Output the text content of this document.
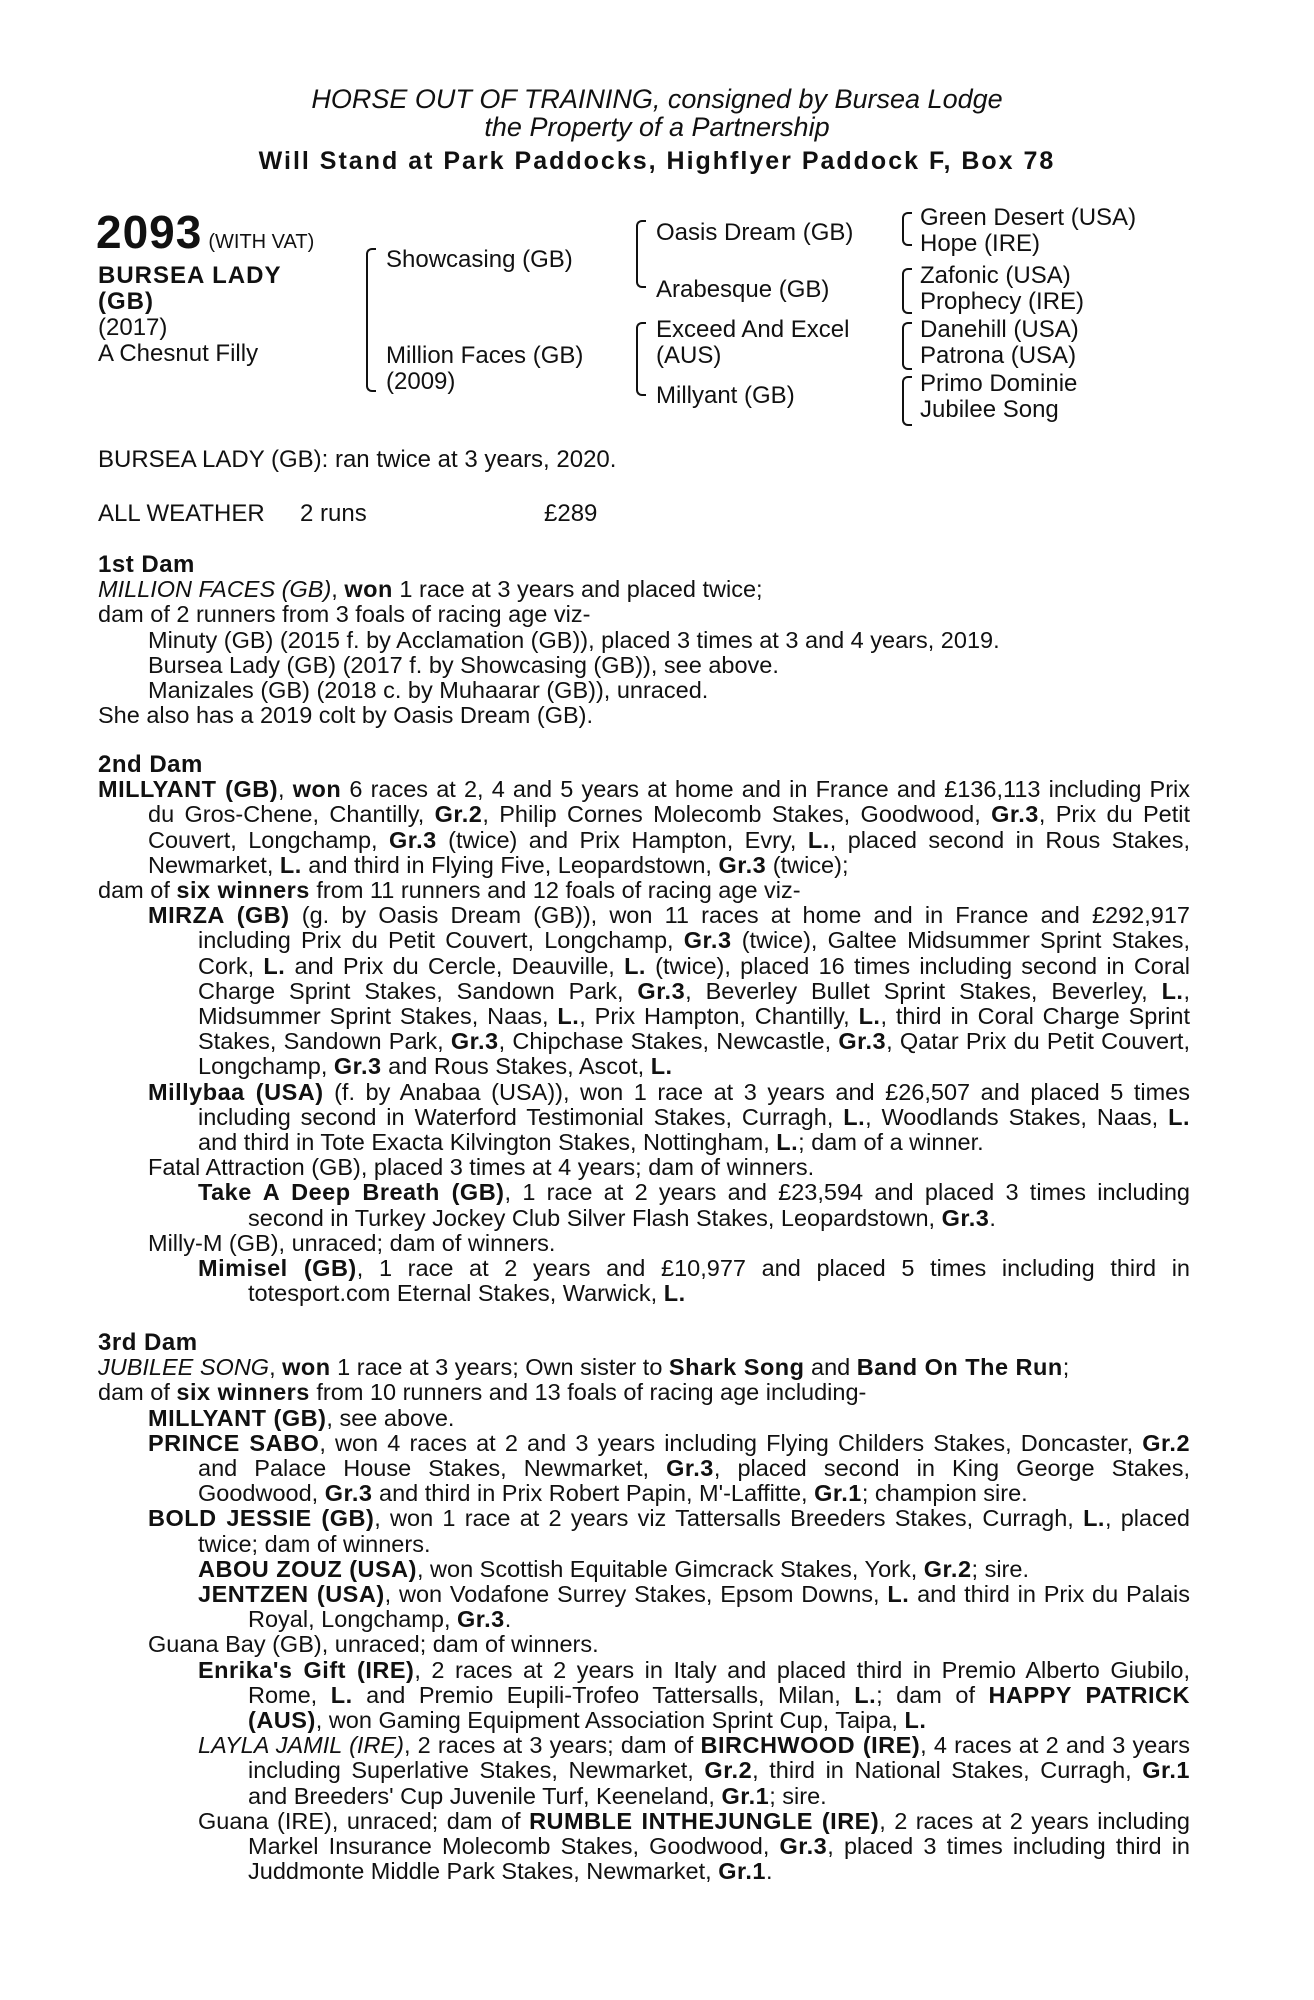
HORSE OUT OF TRAINING, consigned by Bursea Lodge
the Property of a Partnership
Will Stand at Park Paddocks, Highflyer Paddock F, Box 78
2093 (WITH VAT)
BURSEA LADY
(GB)
(2017)
A Chesnut Filly
Showcasing (GB)
Million Faces (GB)
(2009)
Oasis Dream (GB)
Arabesque (GB)
Exceed And Excel
(AUS)
Millyant (GB)
Green Desert (USA)
Hope (IRE)
Zafonic (USA)
Prophecy (IRE)
Danehill (USA)
Patrona (USA)
Primo Dominie
Jubilee Song
BURSEA LADY (GB): ran twice at 3 years, 2020.
ALL WEATHER 2 runs	£289

1st Dam

MILLION FACES (GB), won 1 race at 3 years and placed twice;

dam of 2 runners from 3 foals of racing age viz-

Minuty (GB) (2015 f. by Acclamation (GB)), placed 3 times at 3 and 4 years, 2019.

Bursea Lady (GB) (2017 f. by Showcasing (GB)), see above.

Manizales (GB) (2018 c. by Muhaarar (GB)), unraced.

She also has a 2019 colt by Oasis Dream (GB).

2nd Dam

MILLYANT (GB), won 6 races at 2, 4 and 5 years at home and in France and £136,113 including Prix du Gros-Chene, Chantilly, Gr.2, Philip Cornes Molecomb Stakes, Goodwood, Gr.3, Prix du Petit Couvert, Longchamp, Gr.3 (twice) and Prix Hampton, Evry, L., placed second in Rous Stakes, Newmarket, L. and third in Flying Five, Leopardstown, Gr.3 (twice);

dam of six winners from 11 runners and 12 foals of racing age viz-

MIRZA (GB) (g. by Oasis Dream (GB)), won 11 races at home and in France and £292,917 including Prix du Petit Couvert, Longchamp, Gr.3 (twice), Galtee Midsummer Sprint Stakes, Cork, L. and Prix du Cercle, Deauville, L. (twice), placed 16 times including second in Coral Charge Sprint Stakes, Sandown Park, Gr.3, Beverley Bullet Sprint Stakes, Beverley, L., Midsummer Sprint Stakes, Naas, L., Prix Hampton, Chantilly, L., third in Coral Charge Sprint Stakes, Sandown Park, Gr.3, Chipchase Stakes, Newcastle, Gr.3, Qatar Prix du Petit Couvert, Longchamp, Gr.3 and Rous Stakes, Ascot, L.

Millybaa (USA) (f. by Anabaa (USA)), won 1 race at 3 years and £26,507 and placed 5 times including second in Waterford Testimonial Stakes, Curragh, L., Woodlands Stakes, Naas, L. and third in Tote Exacta Kilvington Stakes, Nottingham, L.; dam of a winner.

Fatal Attraction (GB), placed 3 times at 4 years; dam of winners.

Take A Deep Breath (GB), 1 race at 2 years and £23,594 and placed 3 times including second in Turkey Jockey Club Silver Flash Stakes, Leopardstown, Gr.3.

Milly-M (GB), unraced; dam of winners.

Mimisel (GB), 1 race at 2 years and £10,977 and placed 5 times including third in totesport.com Eternal Stakes, Warwick, L.

3rd Dam

JUBILEE SONG, won 1 race at 3 years; Own sister to Shark Song and Band On The Run;

dam of six winners from 10 runners and 13 foals of racing age including-

MILLYANT (GB), see above.

PRINCE SABO, won 4 races at 2 and 3 years including Flying Childers Stakes, Doncaster, Gr.2 and Palace House Stakes, Newmarket, Gr.3, placed second in King George Stakes, Goodwood, Gr.3 and third in Prix Robert Papin, M'-Laffitte, Gr.1; champion sire.

BOLD JESSIE (GB), won 1 race at 2 years viz Tattersalls Breeders Stakes, Curragh, L., placed twice; dam of winners.

ABOU ZOUZ (USA), won Scottish Equitable Gimcrack Stakes, York, Gr.2; sire.

JENTZEN (USA), won Vodafone Surrey Stakes, Epsom Downs, L. and third in Prix du Palais Royal, Longchamp, Gr.3.

Guana Bay (GB), unraced; dam of winners.

Enrika's Gift (IRE), 2 races at 2 years in Italy and placed third in Premio Alberto Giubilo, Rome, L. and Premio Eupili-Trofeo Tattersalls, Milan, L.; dam of HAPPY PATRICK (AUS), won Gaming Equipment Association Sprint Cup, Taipa, L.

LAYLA JAMIL (IRE), 2 races at 3 years; dam of BIRCHWOOD (IRE), 4 races at 2 and 3 years including Superlative Stakes, Newmarket, Gr.2, third in National Stakes, Curragh, Gr.1 and Breeders' Cup Juvenile Turf, Keeneland, Gr.1; sire.

Guana (IRE), unraced; dam of RUMBLE INTHEJUNGLE (IRE), 2 races at 2 years including Markel Insurance Molecomb Stakes, Goodwood, Gr.3, placed 3 times including third in Juddmonte Middle Park Stakes, Newmarket, Gr.1.
